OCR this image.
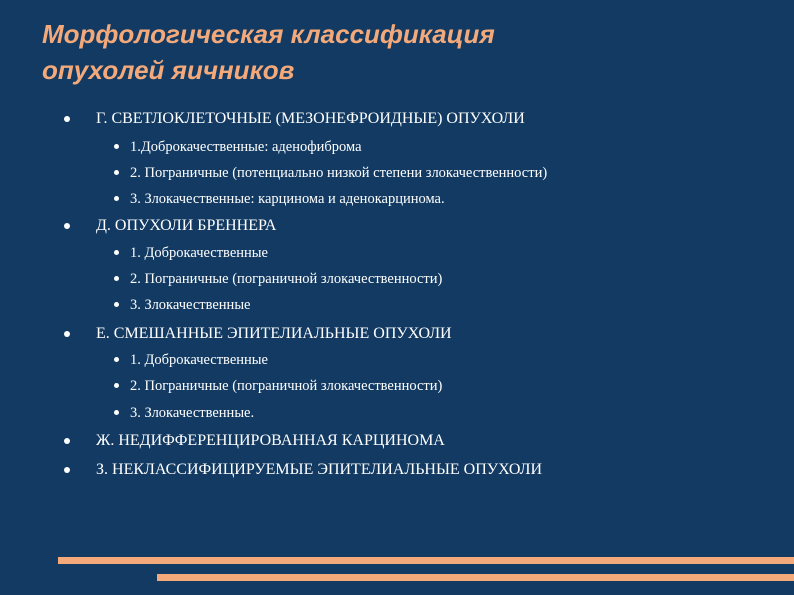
Морфологическая классификация
опухолей яичников
Г. СВЕТЛОКЛЕТОЧНЫЕ (МЕЗОНЕФРОИДНЫЕ) ОПУХОЛИ
1.Доброкачественные: аденофиброма
2. Пограничные (потенциально низкой степени злокачественности)
3. Злокачественные: карцинома и аденокарцинома.
Д. ОПУХОЛИ БРЕННЕРА
1. Доброкачественные
2. Пограничные (пограничной злокачественности)
3. Злокачественные
Е. СМЕШАННЫЕ ЭПИТЕЛИАЛЬНЫЕ ОПУХОЛИ
1. Доброкачественные
2. Пограничные (пограничной злокачественности)
3. Злокачественные.
Ж. НЕДИФФЕРЕНЦИРОВАННАЯ КАРЦИНОМА
З. НЕКЛАССИФИЦИРУЕМЫЕ ЭПИТЕЛИАЛЬНЫЕ ОПУХОЛИ
